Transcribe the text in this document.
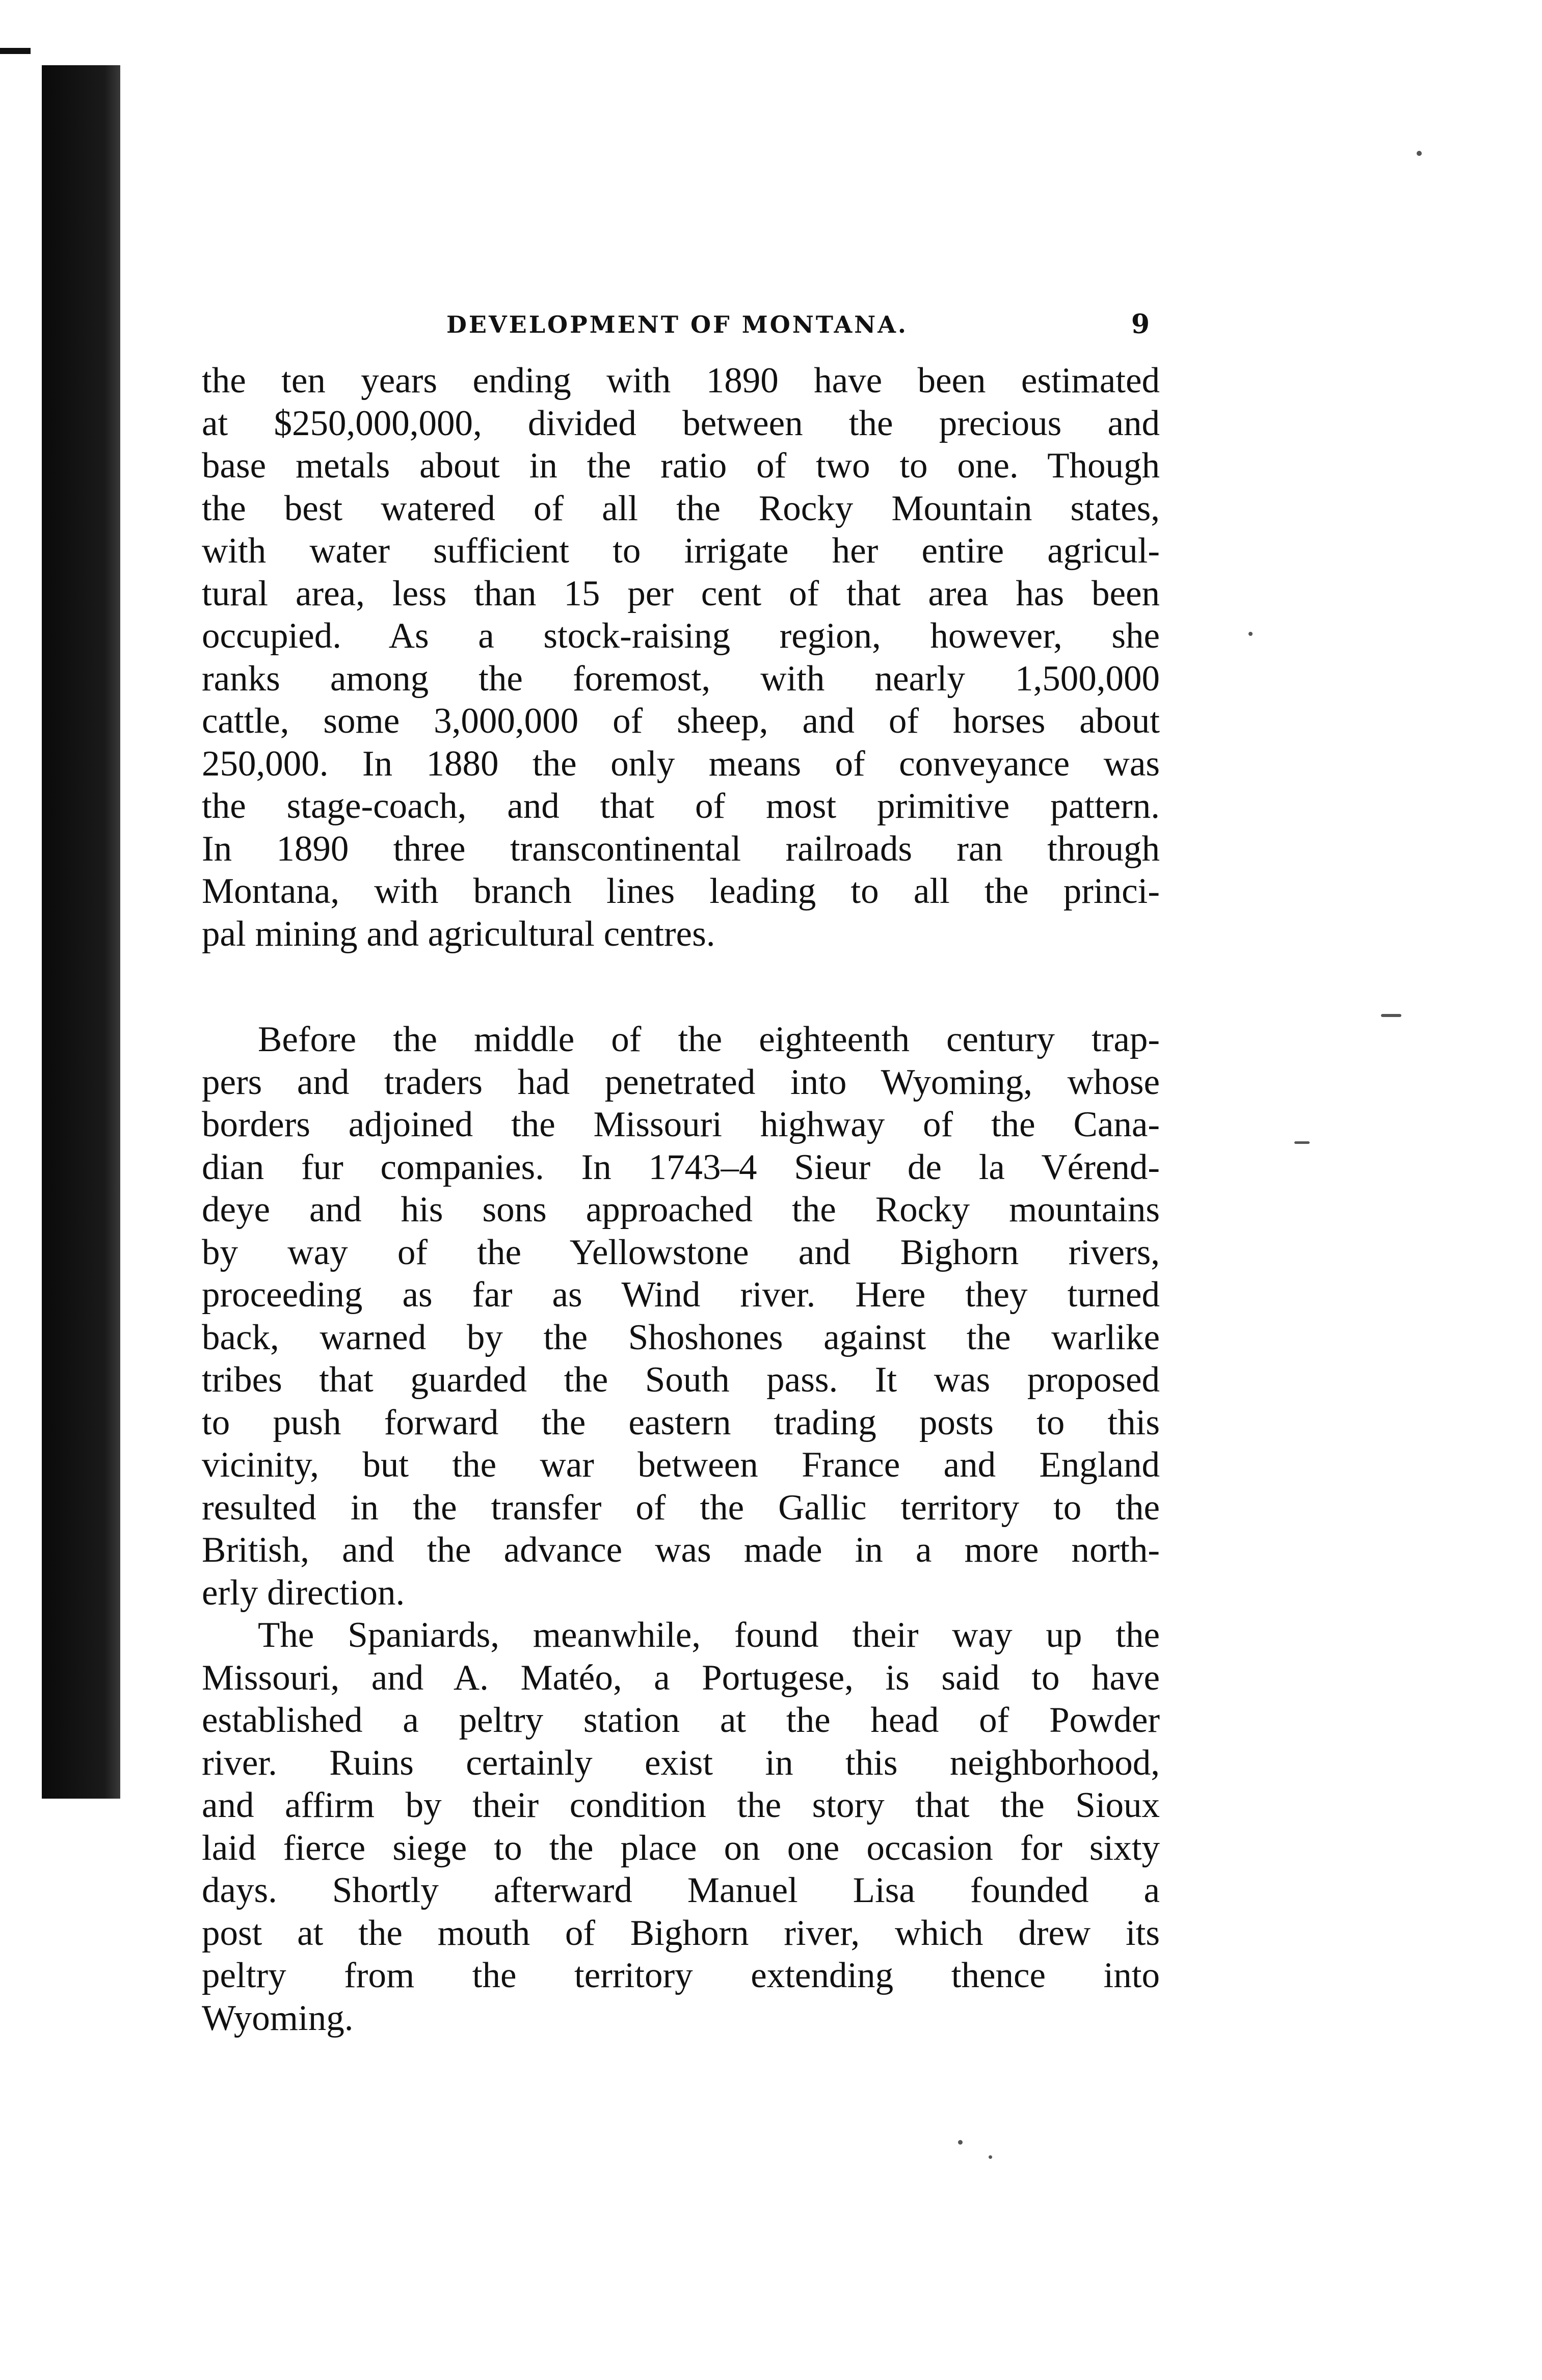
DEVELOPMENT OF MONTANA.	9
the ten years ending with 1890 have been estimated
at $250,000,000, divided between the precious and
base metals about in the ratio of two to one. Though
the best watered of all the Rocky Mountain states,
with water sufficient to irrigate her entire agricul-
tural area, less than 15 per cent of that area has been
occupied. As a stock-raising region, however, she
ranks among the foremost, with nearly 1,500,000
cattle, some 3,000,000 of sheep, and of horses about
250,000. In 1880 the only means of conveyance was
the stage-coach, and that of most primitive pattern.
In 1890 three transcontinental railroads ran through
Montana, with branch lines leading to all the princi-
pal mining and agricultural centres.
Before the middle of the eighteenth century trap-
pers and traders had penetrated into Wyoming, whose
borders adjoined the Missouri highway of the Cana-
dian fur companies. In 1743–4 Sieur de la Vérend-
deye and his sons approached the Rocky mountains
by way of the Yellowstone and Bighorn rivers,
proceeding as far as Wind river. Here they turned
back, warned by the Shoshones against the warlike
tribes that guarded the South pass. It was proposed
to push forward the eastern trading posts to this
vicinity, but the war between France and England
resulted in the transfer of the Gallic territory to the
British, and the advance was made in a more north-
erly direction.
The Spaniards, meanwhile, found their way up the
Missouri, and A. Matéo, a Portugese, is said to have
established a peltry station at the head of Powder
river. Ruins certainly exist in this neighborhood,
and affirm by their condition the story that the Sioux
laid fierce siege to the place on one occasion for sixty
days. Shortly afterward Manuel Lisa founded a
post at the mouth of Bighorn river, which drew its
peltry from the territory extending thence into
Wyoming.
